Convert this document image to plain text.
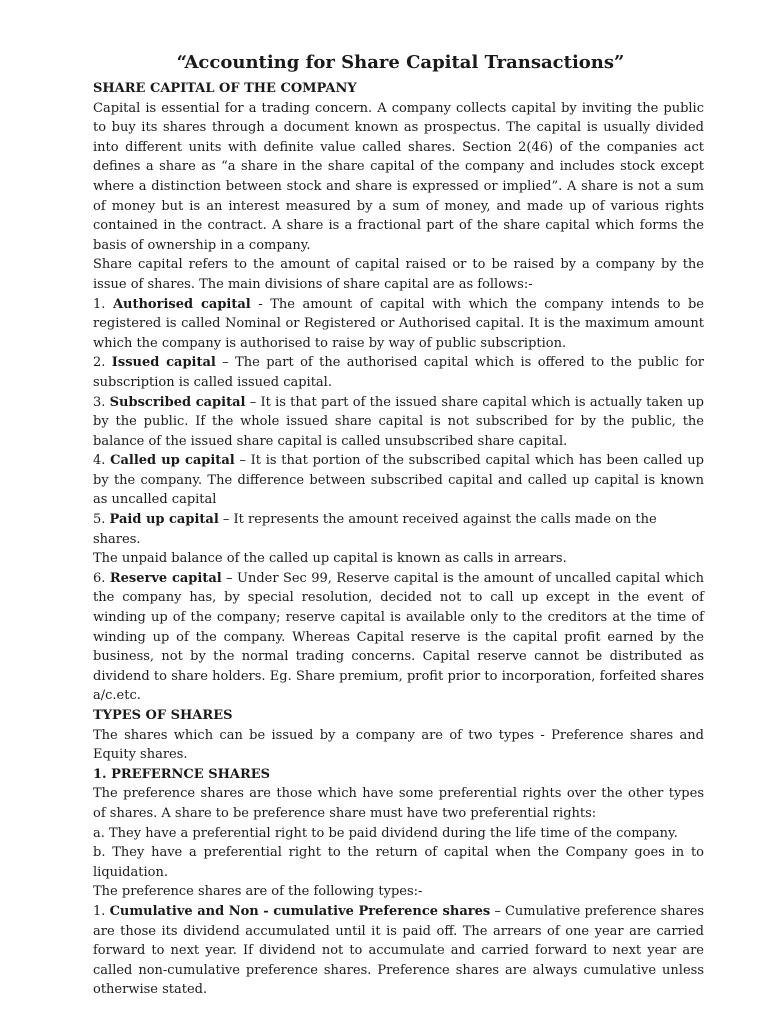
“Accounting for Share Capital Transactions”
SHARE CAPITAL OF THE COMPANY

Capital is essential for a trading concern. A company collects capital by inviting the public to buy its shares through a document known as prospectus. The capital is usually divided into different units with definite value called shares. Section 2(46) of the companies act defines a share as “a share in the share capital of the company and includes stock except where a distinction between stock and share is expressed or implied”. A share is not a sum of money but is an interest measured by a sum of money, and made up of various rights contained in the contract. A share is a fractional part of the share capital which forms the basis of ownership in a company.

Share capital refers to the amount of capital raised or to be raised by a company by the issue of shares. The main divisions of share capital are as follows:-

1. Authorised capital - The amount of capital with which the company intends to be registered is called Nominal or Registered or Authorised capital. It is the maximum amount which the company is authorised to raise by way of public subscription.

2. Issued capital – The part of the authorised capital which is offered to the public for subscription is called issued capital.

3. Subscribed capital – It is that part of the issued share capital which is actually taken up by the public. If the whole issued share capital is not subscribed for by the public, the balance of the issued share capital is called unsubscribed share capital.

4. Called up capital – It is that portion of the subscribed capital which has been called up by the company. The difference between subscribed capital and called up capital is known as uncalled capital

5. Paid up capital – It represents the amount received against the calls made on the shares.

The unpaid balance of the called up capital is known as calls in arrears.

6. Reserve capital – Under Sec 99, Reserve capital is the amount of uncalled capital which the company has, by special resolution, decided not to call up except in the event of winding up of the company; reserve capital is available only to the creditors at the time of winding up of the company. Whereas Capital reserve is the capital profit earned by the business, not by the normal trading concerns. Capital reserve cannot be distributed as dividend to share holders. Eg. Share premium, profit prior to incorporation, forfeited shares a/c.etc.

TYPES OF SHARES

The shares which can be issued by a company are of two types - Preference shares and Equity shares.

1. PREFERNCE SHARES

The preference shares are those which have some preferential rights over the other types of shares. A share to be preference share must have two preferential rights:

a. They have a preferential right to be paid dividend during the life time of the company.

b. They have a preferential right to the return of capital when the Company goes in to liquidation.

The preference shares are of the following types:-

1. Cumulative and Non - cumulative Preference shares – Cumulative preference shares are those its dividend accumulated until it is paid off. The arrears of one year are carried forward to next year. If dividend not to accumulate and carried forward to next year are called non-cumulative preference shares. Preference shares are always cumulative unless otherwise stated.
